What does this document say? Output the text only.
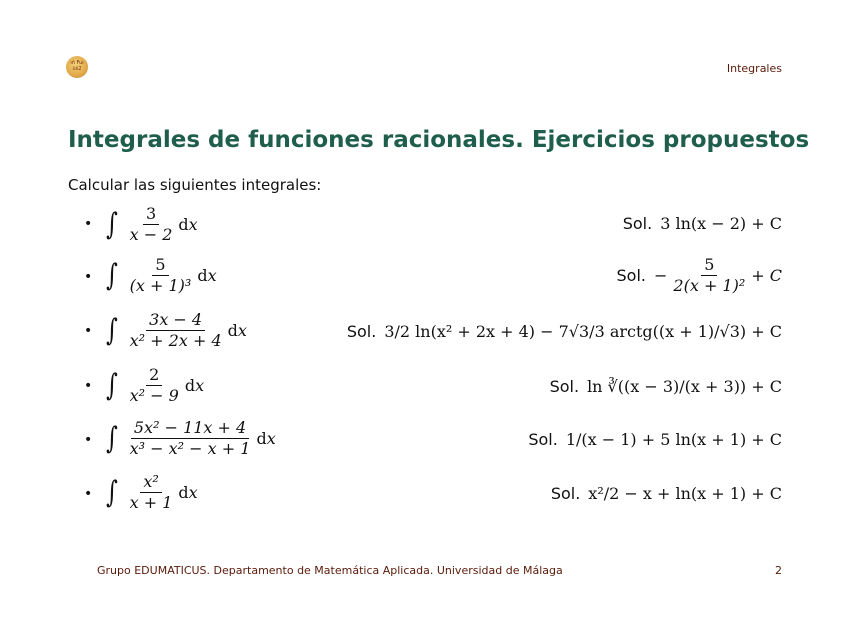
ıń Fuı
üŝ2	Integrales
Integrales de funciones racionales. Ejercicios propuestos
Calcular las siguientes integrales:
• ∫ $\frac{3}{x - 2}$ dx	Sol. 3 ln(x − 2) + C
• ∫ $\frac{5}{\text{(x + 1)³}}$ dx	Sol. − $\frac{5}{\text{2(x + 1)²}} + C$
• ∫ $\frac{3x - 4}{\text{x² + 2x + 4}}$ dx	Sol. 3/2 ln(x² + 2x + 4) − 7√3/3 arctg((x + 1)/√3) + C
• ∫ $\frac{2}{\text{x² − 9}}$ dx	Sol. ln ∛((x − 3)/(x + 3)) + C
• ∫ $\frac{\text{5x² − 11x + 4}}{\text{x³ − x² − x + 1}}$ dx	Sol. 1/(x − 1) + 5 ln(x + 1) + C
• ∫ $\frac{\text{x²}}{x + 1}$ dx	Sol. x²/2 − x + ln(x + 1) + C
Grupo EDUMATICUS. Departamento de Matemática Aplicada. Universidad de Málaga	2
